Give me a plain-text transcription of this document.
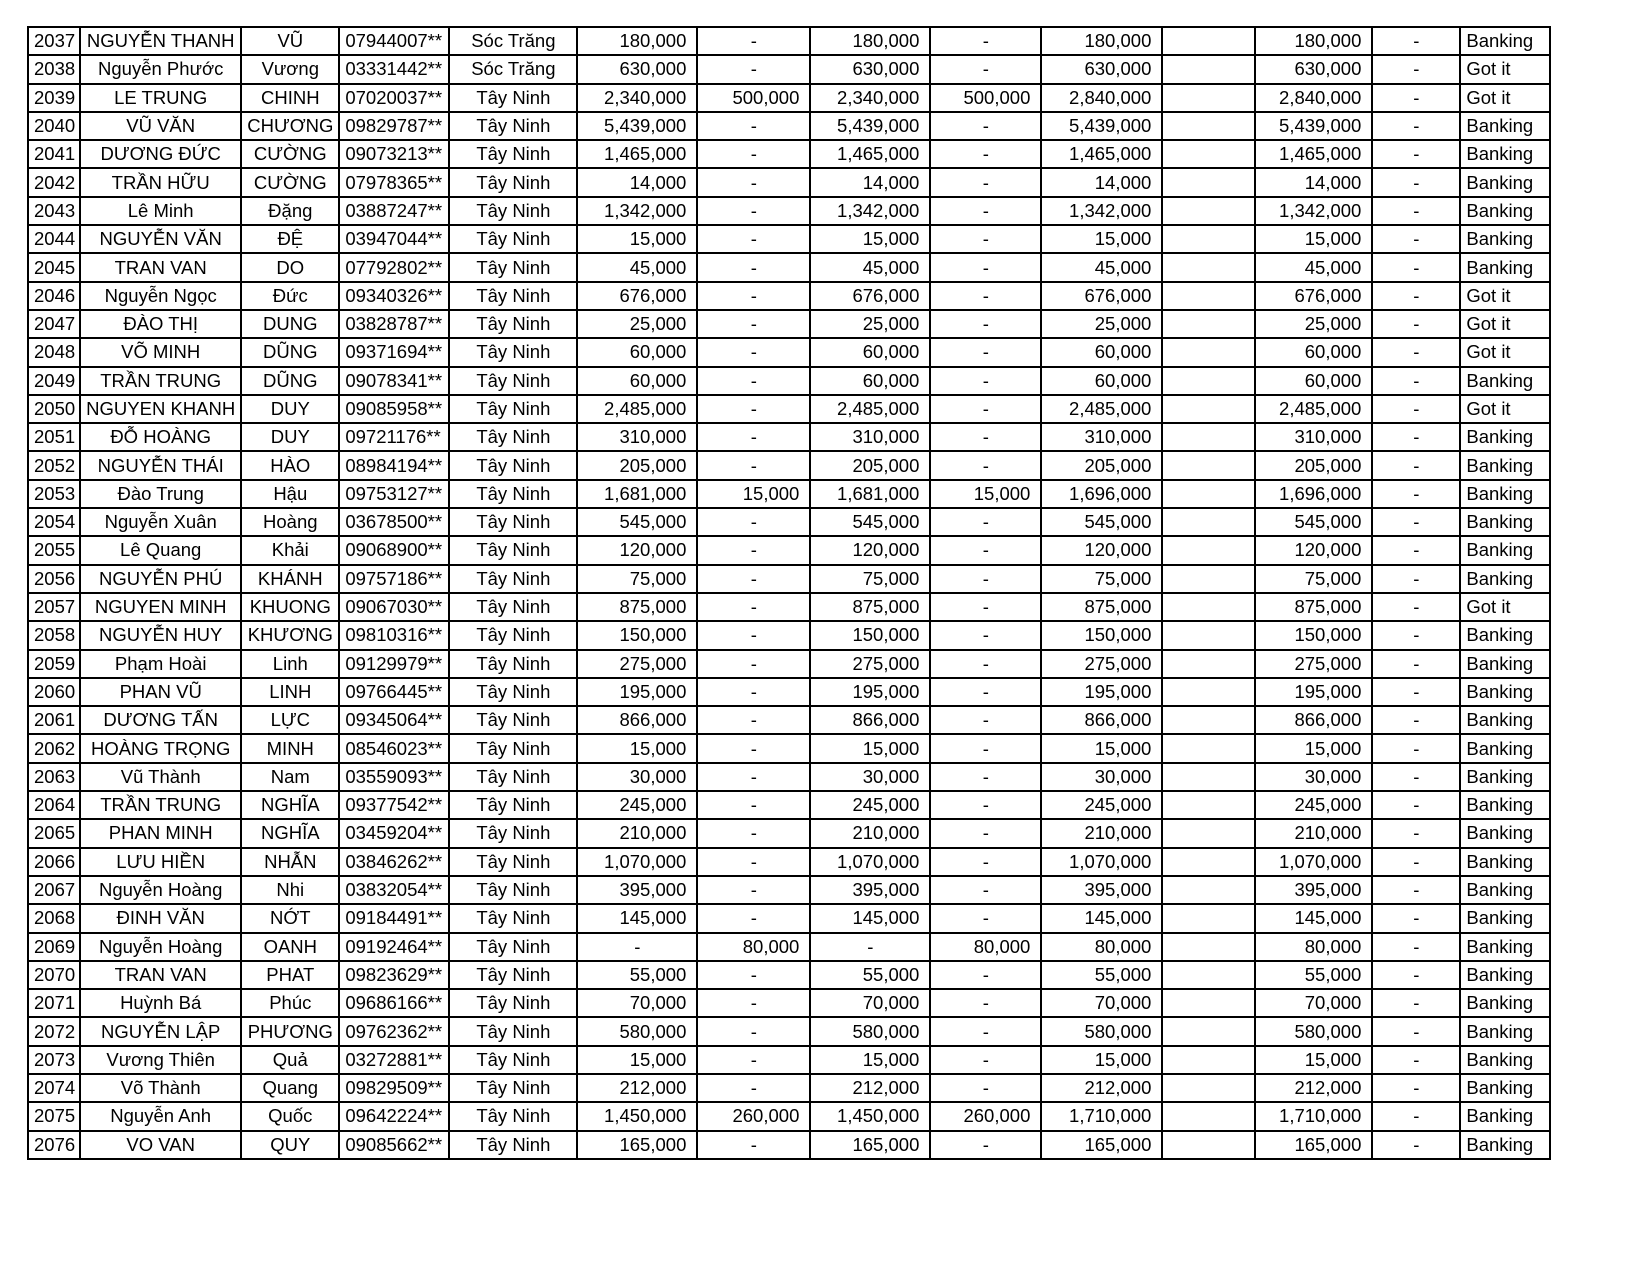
2037	NGUYỄN THANH	VŨ	07944007**	Sóc Trăng	180,000	-	180,000	-	180,000		180,000	-	Banking
2038	Nguyễn Phước	Vương	03331442**	Sóc Trăng	630,000	-	630,000	-	630,000		630,000	-	Got it
2039	LE TRUNG	CHINH	07020037**	Tây Ninh	2,340,000	500,000	2,340,000	500,000	2,840,000		2,840,000	-	Got it
2040	VŨ VĂN	CHƯƠNG	09829787**	Tây Ninh	5,439,000	-	5,439,000	-	5,439,000		5,439,000	-	Banking
2041	DƯƠNG ĐỨC	CƯỜNG	09073213**	Tây Ninh	1,465,000	-	1,465,000	-	1,465,000		1,465,000	-	Banking
2042	TRẦN HỮU	CƯỜNG	07978365**	Tây Ninh	14,000	-	14,000	-	14,000		14,000	-	Banking
2043	Lê Minh	Đặng	03887247**	Tây Ninh	1,342,000	-	1,342,000	-	1,342,000		1,342,000	-	Banking
2044	NGUYỄN VĂN	ĐỆ	03947044**	Tây Ninh	15,000	-	15,000	-	15,000		15,000	-	Banking
2045	TRAN VAN	DO	07792802**	Tây Ninh	45,000	-	45,000	-	45,000		45,000	-	Banking
2046	Nguyễn Ngọc	Đức	09340326**	Tây Ninh	676,000	-	676,000	-	676,000		676,000	-	Got it
2047	ĐÀO THỊ	DUNG	03828787**	Tây Ninh	25,000	-	25,000	-	25,000		25,000	-	Got it
2048	VÕ MINH	DŨNG	09371694**	Tây Ninh	60,000	-	60,000	-	60,000		60,000	-	Got it
2049	TRẦN TRUNG	DŨNG	09078341**	Tây Ninh	60,000	-	60,000	-	60,000		60,000	-	Banking
2050	NGUYEN KHANH	DUY	09085958**	Tây Ninh	2,485,000	-	2,485,000	-	2,485,000		2,485,000	-	Got it
2051	ĐỖ HOÀNG	DUY	09721176**	Tây Ninh	310,000	-	310,000	-	310,000		310,000	-	Banking
2052	NGUYỄN THÁI	HÀO	08984194**	Tây Ninh	205,000	-	205,000	-	205,000		205,000	-	Banking
2053	Đào Trung	Hậu	09753127**	Tây Ninh	1,681,000	15,000	1,681,000	15,000	1,696,000		1,696,000	-	Banking
2054	Nguyễn Xuân	Hoàng	03678500**	Tây Ninh	545,000	-	545,000	-	545,000		545,000	-	Banking
2055	Lê Quang	Khải	09068900**	Tây Ninh	120,000	-	120,000	-	120,000		120,000	-	Banking
2056	NGUYỄN PHÚ	KHÁNH	09757186**	Tây Ninh	75,000	-	75,000	-	75,000		75,000	-	Banking
2057	NGUYEN MINH	KHUONG	09067030**	Tây Ninh	875,000	-	875,000	-	875,000		875,000	-	Got it
2058	NGUYỄN HUY	KHƯƠNG	09810316**	Tây Ninh	150,000	-	150,000	-	150,000		150,000	-	Banking
2059	Phạm Hoài	Linh	09129979**	Tây Ninh	275,000	-	275,000	-	275,000		275,000	-	Banking
2060	PHAN VŨ	LINH	09766445**	Tây Ninh	195,000	-	195,000	-	195,000		195,000	-	Banking
2061	DƯƠNG TẤN	LỰC	09345064**	Tây Ninh	866,000	-	866,000	-	866,000		866,000	-	Banking
2062	HOÀNG TRỌNG	MINH	08546023**	Tây Ninh	15,000	-	15,000	-	15,000		15,000	-	Banking
2063	Vũ Thành	Nam	03559093**	Tây Ninh	30,000	-	30,000	-	30,000		30,000	-	Banking
2064	TRẦN TRUNG	NGHĨA	09377542**	Tây Ninh	245,000	-	245,000	-	245,000		245,000	-	Banking
2065	PHAN MINH	NGHĨA	03459204**	Tây Ninh	210,000	-	210,000	-	210,000		210,000	-	Banking
2066	LƯU HIỀN	NHẪN	03846262**	Tây Ninh	1,070,000	-	1,070,000	-	1,070,000		1,070,000	-	Banking
2067	Nguyễn Hoàng	Nhi	03832054**	Tây Ninh	395,000	-	395,000	-	395,000		395,000	-	Banking
2068	ĐINH VĂN	NỚT	09184491**	Tây Ninh	145,000	-	145,000	-	145,000		145,000	-	Banking
2069	Nguyễn Hoàng	OANH	09192464**	Tây Ninh	-	80,000	-	80,000	80,000		80,000	-	Banking
2070	TRAN VAN	PHAT	09823629**	Tây Ninh	55,000	-	55,000	-	55,000		55,000	-	Banking
2071	Huỳnh Bá	Phúc	09686166**	Tây Ninh	70,000	-	70,000	-	70,000		70,000	-	Banking
2072	NGUYỄN LẬP	PHƯƠNG	09762362**	Tây Ninh	580,000	-	580,000	-	580,000		580,000	-	Banking
2073	Vương Thiên	Quả	03272881**	Tây Ninh	15,000	-	15,000	-	15,000		15,000	-	Banking
2074	Võ Thành	Quang	09829509**	Tây Ninh	212,000	-	212,000	-	212,000		212,000	-	Banking
2075	Nguyễn Anh	Quốc	09642224**	Tây Ninh	1,450,000	260,000	1,450,000	260,000	1,710,000		1,710,000	-	Banking
2076	VO VAN	QUY	09085662**	Tây Ninh	165,000	-	165,000	-	165,000		165,000	-	Banking
